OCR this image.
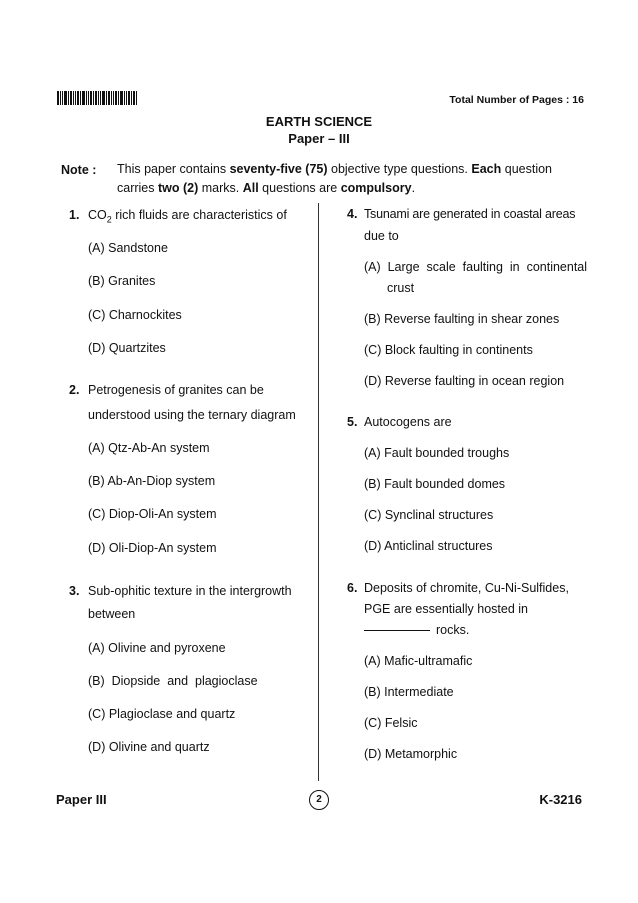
Total Number of Pages : 16
EARTH SCIENCE
Paper – III
Note : This paper contains seventy-five (75) objective type questions. Each question carries two (2) marks. All questions are compulsory.
1. $CO_2$ rich fluids are characteristics of
(A) Sandstone
(B) Granites
(C) Charnockites
(D) Quartzites
2. Petrogenesis of granites can be
understood using the ternary diagram
(A) Qtz-Ab-An system
(B) Ab-An-Diop system
(C) Diop-Oli-An system
(D) Oli-Diop-An system
3. Sub-ophitic texture in the intergrowth
between
(A) Olivine and pyroxene
(B)  Diopside  and  plagioclase
(C) Plagioclase and quartz
(D) Olivine and quartz
4. Tsunami are generated in coastal areas
due to
(A)  Large  scale  faulting  in  continental
crust
(B) Reverse faulting in shear zones
(C) Block faulting in continents
(D) Reverse faulting in ocean region
5. Autocogens are
(A) Fault bounded troughs
(B) Fault bounded domes
(C) Synclinal structures
(D) Anticlinal structures
6. Deposits of chromite, Cu-Ni-Sulfides,
PGE are essentially hosted in
rocks.
(A) Mafic-ultramafic
(B) Intermediate
(C) Felsic
(D) Metamorphic
Paper III	2	K-3216
